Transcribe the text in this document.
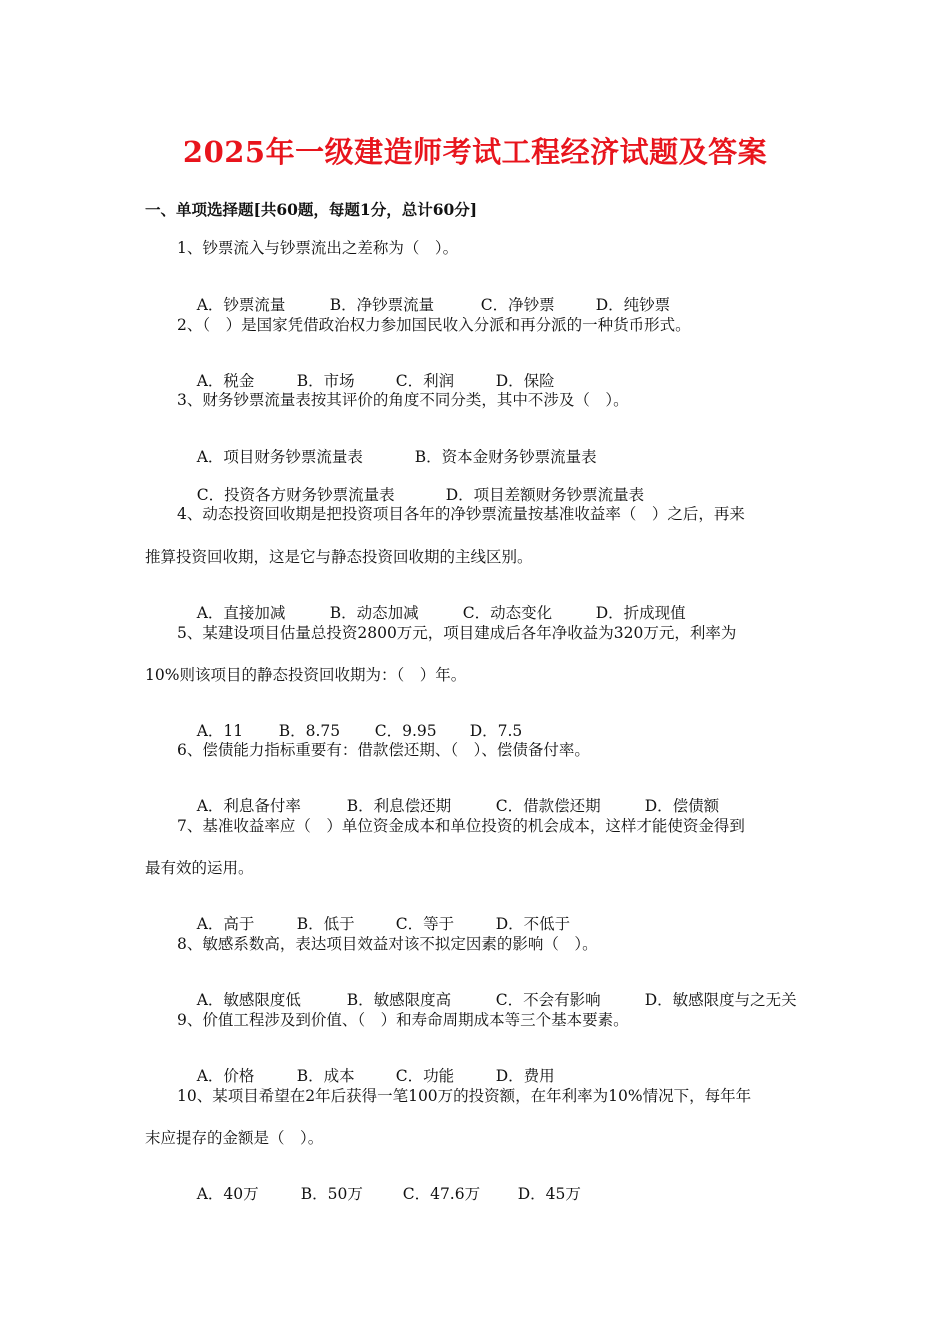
2025年一级建造师考试工程经济试题及答案
一、单项选择题[共60题，每题1分，总计60分]
1、钞票流入与钞票流出之差称为（　）。

A．钞票流量	B．净钞票流量	C．净钞票	D．纯钞票

2、（　）是国家凭借政治权力参加国民收入分派和再分派的一种货币形式。

A．税金	B．市场	C．利润	D．保险

3、财务钞票流量表按其评价的角度不同分类，其中不涉及（　）。

A．项目财务钞票流量表	B．资本金财务钞票流量表

C．投资各方财务钞票流量表	D．项目差额财务钞票流量表

4、动态投资回收期是把投资项目各年的净钞票流量按基准收益率（　）之后，再来
推算投资回收期，这是它与静态投资回收期的主线区别。

A．直接加减	B．动态加减	C．动态变化	D．折成现值

5、某建设项目估量总投资2800万元，项目建成后各年净收益为320万元，利率为
10%则该项目的静态投资回收期为：（　）年。

A．11 B．8.75 C．9.95 D．7.5

6、偿债能力指标重要有：借款偿还期、（　）、偿债备付率。

A．利息备付率	B．利息偿还期	C．借款偿还期	D．偿债额

7、基准收益率应（　）单位资金成本和单位投资的机会成本，这样才能使资金得到
最有效的运用。

A．高于	B．低于	C．等于	D．不低于

8、敏感系数高，表达项目效益对该不拟定因素的影响（　）。

A．敏感限度低	B．敏感限度高	C．不会有影响	D．敏感限度与之无关

9、价值工程涉及到价值、（　）和寿命周期成本等三个基本要素。

A．价格	B．成本	C．功能	D．费用

10、某项目希望在2年后获得一笔100万的投资额，在年利率为10%情况下，每年年
末应提存的金额是（　）。

A．40万	B．50万	C．47.6万 D．45万
